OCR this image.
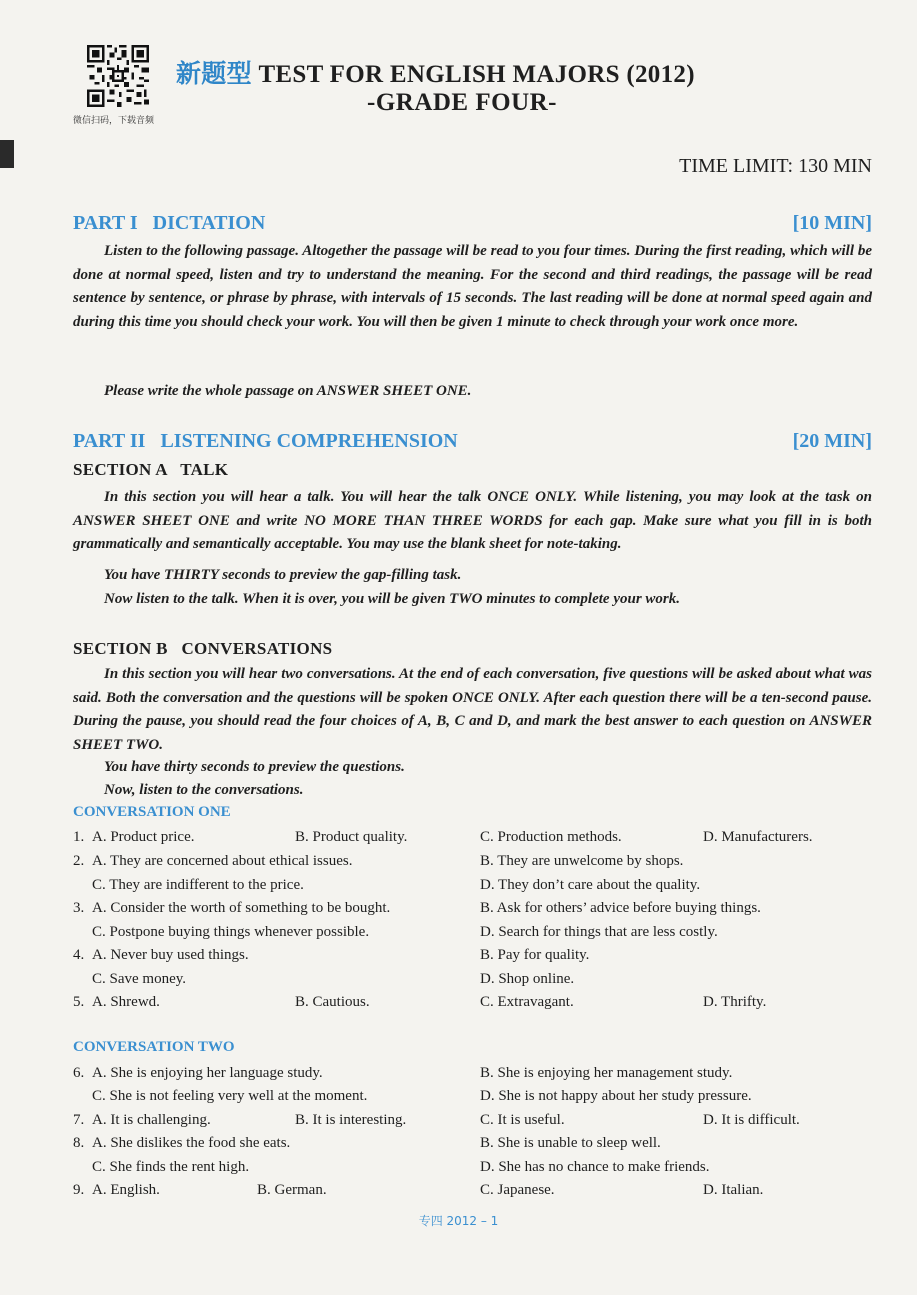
微信扫码，下载音频
新题型 TEST FOR ENGLISH MAJORS (2012)
-GRADE FOUR-
TIME LIMIT: 130 MIN
PART I   DICTATION	[10 MIN]
Listen to the following passage. Altogether the passage will be read to you four times. During the first reading, which will be done at normal speed, listen and try to understand the meaning. For the second and third readings, the passage will be read sentence by sentence, or phrase by phrase, with intervals of 15 seconds. The last reading will be done at normal speed again and during this time you should check your work. You will then be given 1 minute to check through your work once more.
Please write the whole passage on ANSWER SHEET ONE.
PART II   LISTENING COMPREHENSION	[20 MIN]
SECTION A   TALK
In this section you will hear a talk. You will hear the talk ONCE ONLY. While listening, you may look at the task on ANSWER SHEET ONE and write NO MORE THAN THREE WORDS for each gap. Make sure what you fill in is both grammatically and semantically acceptable. You may use the blank sheet for note-taking.
You have THIRTY seconds to preview the gap-filling task.
Now listen to the talk. When it is over, you will be given TWO minutes to complete your work.
SECTION B   CONVERSATIONS
In this section you will hear two conversations. At the end of each conversation, five questions will be asked about what was said. Both the conversation and the questions will be spoken ONCE ONLY. After each question there will be a ten-second pause. During the pause, you should read the four choices of A, B, C and D, and mark the best answer to each question on ANSWER SHEET TWO.
You have thirty seconds to preview the questions.
Now, listen to the conversations.
CONVERSATION ONE
1. A. Product price.	B. Product quality.	C. Production methods.	D. Manufacturers.
2. A. They are concerned about ethical issues.	B. They are unwelcome by shops.
C. They are indifferent to the price.	D. They don’t care about the quality.
3. A. Consider the worth of something to be bought.	B. Ask for others’ advice before buying things.
C. Postpone buying things whenever possible.	D. Search for things that are less costly.
4. A. Never buy used things.	B. Pay for quality.
C. Save money.	D. Shop online.
5. A. Shrewd.	B. Cautious.	C. Extravagant.	D. Thrifty.
CONVERSATION TWO
6. A. She is enjoying her language study.	B. She is enjoying her management study.
C. She is not feeling very well at the moment.	D. She is not happy about her study pressure.
7. A. It is challenging.	B. It is interesting.	C. It is useful.	D. It is difficult.
8. A. She dislikes the food she eats.	B. She is unable to sleep well.
C. She finds the rent high.	D. She has no chance to make friends.
9. A. English.	B. German.	C. Japanese.	D. Italian.
专四 2012 – 1
